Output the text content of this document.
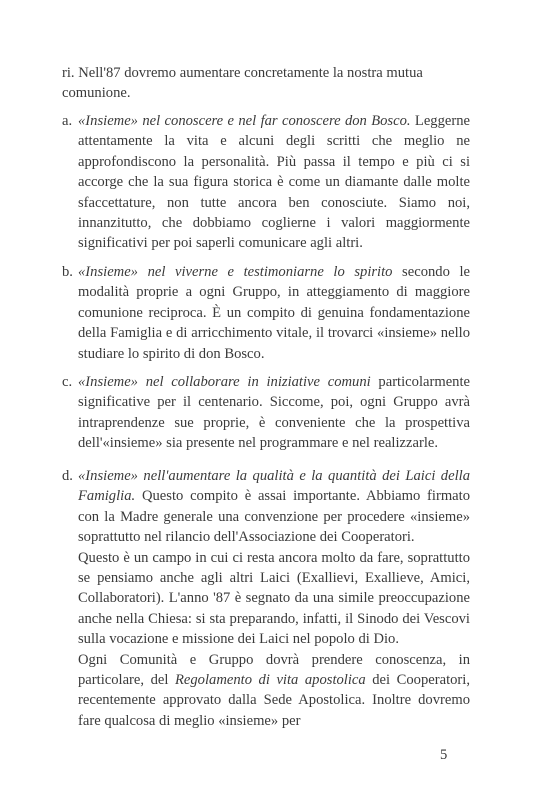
ri. Nell'87 dovremo aumentare concretamente la nostra mutua comunione.

a. «Insieme» nel conoscere e nel far conoscere don Bosco. Leggerne attentamente la vita e alcuni degli scritti che meglio ne approfondiscono la personalità. Più passa il tempo e più ci si accorge che la sua figura storica è come un diamante dalle molte sfaccettature, non tutte ancora ben conosciute. Siamo noi, innanzitutto, che dobbiamo coglierne i valori maggiormente significativi per poi saperli comunicare agli altri.

b. «Insieme» nel viverne e testimoniarne lo spirito secondo le modalità proprie a ogni Gruppo, in atteggiamento di maggiore comunione reciproca. È un compito di genuina fondamentazione della Famiglia e di arricchimento vitale, il trovarci «insieme» nello studiare lo spirito di don Bosco.

c. «Insieme» nel collaborare in iniziative comuni particolarmente significative per il centenario. Siccome, poi, ogni Gruppo avrà intraprendenze sue proprie, è conveniente che la prospettiva dell'«insieme» sia presente nel programmare e nel realizzarle.

d. «Insieme» nell'aumentare la qualità e la quantità dei Laici della Famiglia. Questo compito è assai importante. Abbiamo firmato con la Madre generale una convenzione per procedere «insieme» soprattutto nel rilancio dell'Associazione dei Cooperatori.

Questo è un campo in cui ci resta ancora molto da fare, soprattutto se pensiamo anche agli altri Laici (Exallievi, Exallieve, Amici, Collaboratori). L'anno '87 è segnato da una simile preoccupazione anche nella Chiesa: si sta preparando, infatti, il Sinodo dei Vescovi sulla vocazione e missione dei Laici nel popolo di Dio.

Ogni Comunità e Gruppo dovrà prendere conoscenza, in particolare, del Regolamento di vita apostolica dei Cooperatori, recentemente approvato dalla Sede Apostolica. Inoltre dovremo fare qualcosa di meglio «insieme» per

5
